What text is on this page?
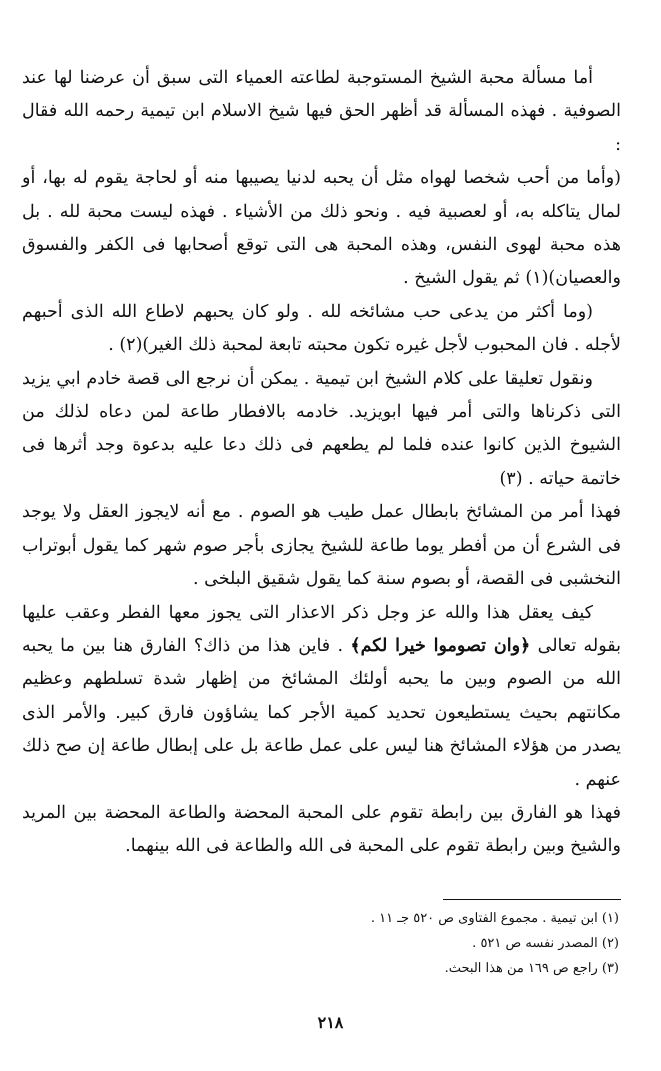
أما مسألة محبة الشيخ المستوجبة لطاعته العمياء التى سبق أن عرضنا لها عند الصوفية . فهذه المسألة قد أظهر الحق فيها شيخ الاسلام ابن تيمية رحمه الله فقال :

(وأما من أحب شخصا لهواه مثل أن يحبه لدنيا يصيبها منه أو لحاجة يقوم له بها، أو لمال يتاكله به، أو لعصبية فيه . ونحو ذلك من الأشياء . فهذه ليست محبة لله . بل هذه محبة لهوى النفس، وهذه المحبة هى التى توقع أصحابها فى الكفر والفسوق والعصيان)(١) ثم يقول الشيخ .

(وما أكثر من يدعى حب مشائخه لله . ولو كان يحبهم لاطاع الله الذى أحبهم لأجله . فان المحبوب لأجل غيره تكون محبته تابعة لمحبة ذلك الغير)(٢) .

ونقول تعليقا على كلام الشيخ ابن تيمية . يمكن أن نرجع الى قصة خادم ابي يزيد التى ذكرناها والتى أمر فيها ابويزيد. خادمه بالافطار طاعة لمن دعاه لذلك من الشيوخ الذين كانوا عنده فلما لم يطعهم فى ذلك دعا عليه بدعوة وجد أثرها فى خاتمة حياته . (٣)

فهذا أمر من المشائخ بابطال عمل طيب هو الصوم . مع أنه لايجوز العقل ولا يوجد فى الشرع أن من أفطر يوما طاعة للشيخ يجازى بأجر صوم شهر كما يقول أبوتراب النخشبى فى القصة، أو بصوم سنة كما يقول شقيق البلخى .

كيف يعقل هذا والله عز وجل ذكر الاعذار التى يجوز معها الفطر وعقب عليها بقوله تعالى ﴿وان تصوموا خيرا لكم﴾ . فاين هذا من ذاك؟ الفارق هنا بين ما يحبه الله من الصوم وبين ما يحبه أولئك المشائخ من إظهار شدة تسلطهم وعظيم مكانتهم بحيث يستطيعون تحديد كمية الأجر كما يشاؤون فارق كبير. والأمر الذى يصدر من هؤلاء المشائخ هنا ليس على عمل طاعة بل على إبطال طاعة إن صح ذلك عنهم .

فهذا هو الفارق بين رابطة تقوم على المحبة المحضة والطاعة المحضة بين المريد والشيخ وبين رابطة تقوم على المحبة فى الله والطاعة فى الله بينهما.

(١) ابن تيمية . مجموع الفتاوى ص ٥٢٠ جـ ١١ .
(٢) المصدر نفسه ص ٥٢١ .
(٣) راجع ص ١٦٩ من هذا البحث.
٢١٨
